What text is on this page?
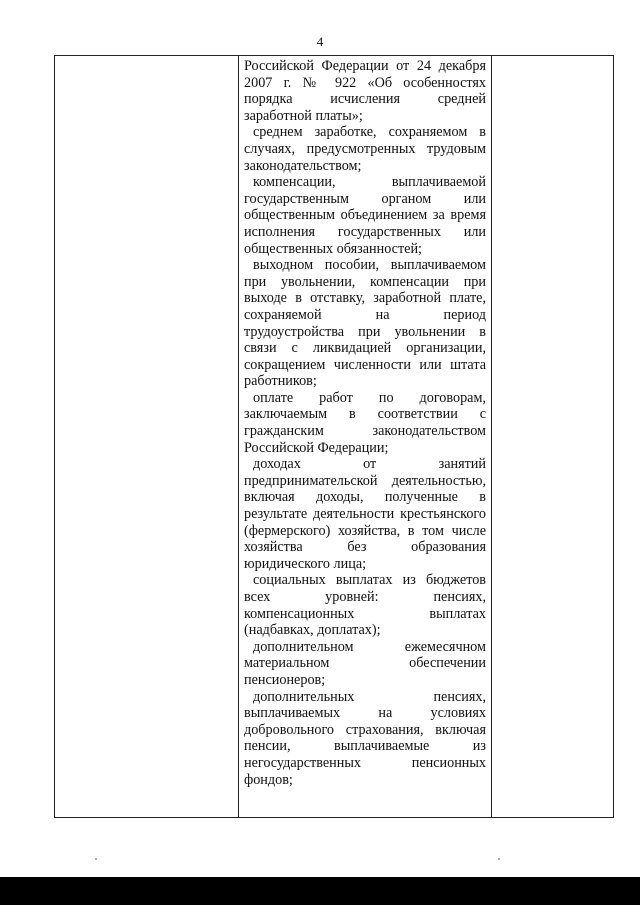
4

Российской Федерации от 24 декабря 2007 г. № 922 «Об особенностях порядка исчисления средней заработной платы»;

среднем заработке, сохраняемом в случаях, предусмотренных трудовым законодательством;

компенсации, выплачиваемой государственным органом или общественным объединением за время исполнения государственных или общественных обязанностей;

выходном пособии, выплачиваемом при увольнении, компенсации при выходе в отставку, заработной плате, сохраняемой на период трудоустройства при увольнении в связи с ликвидацией организации, сокращением численности или штата работников;

оплате работ по договорам, заключаемым в соответствии с гражданским законодательством Российской Федерации;

доходах от занятий предпринимательской деятельностью, включая доходы, полученные в результате деятельности крестьянского (фермерского) хозяйства, в том числе хозяйства без образования юридического лица;

социальных выплатах из бюджетов всех уровней: пенсиях, компенсационных выплатах (надбавках, доплатах);

дополнительном ежемесячном материальном обеспечении пенсионеров;

дополнительных пенсиях, выплачиваемых на условиях добровольного страхования, включая пенсии, выплачиваемые из негосударственных пенсионных фондов;
